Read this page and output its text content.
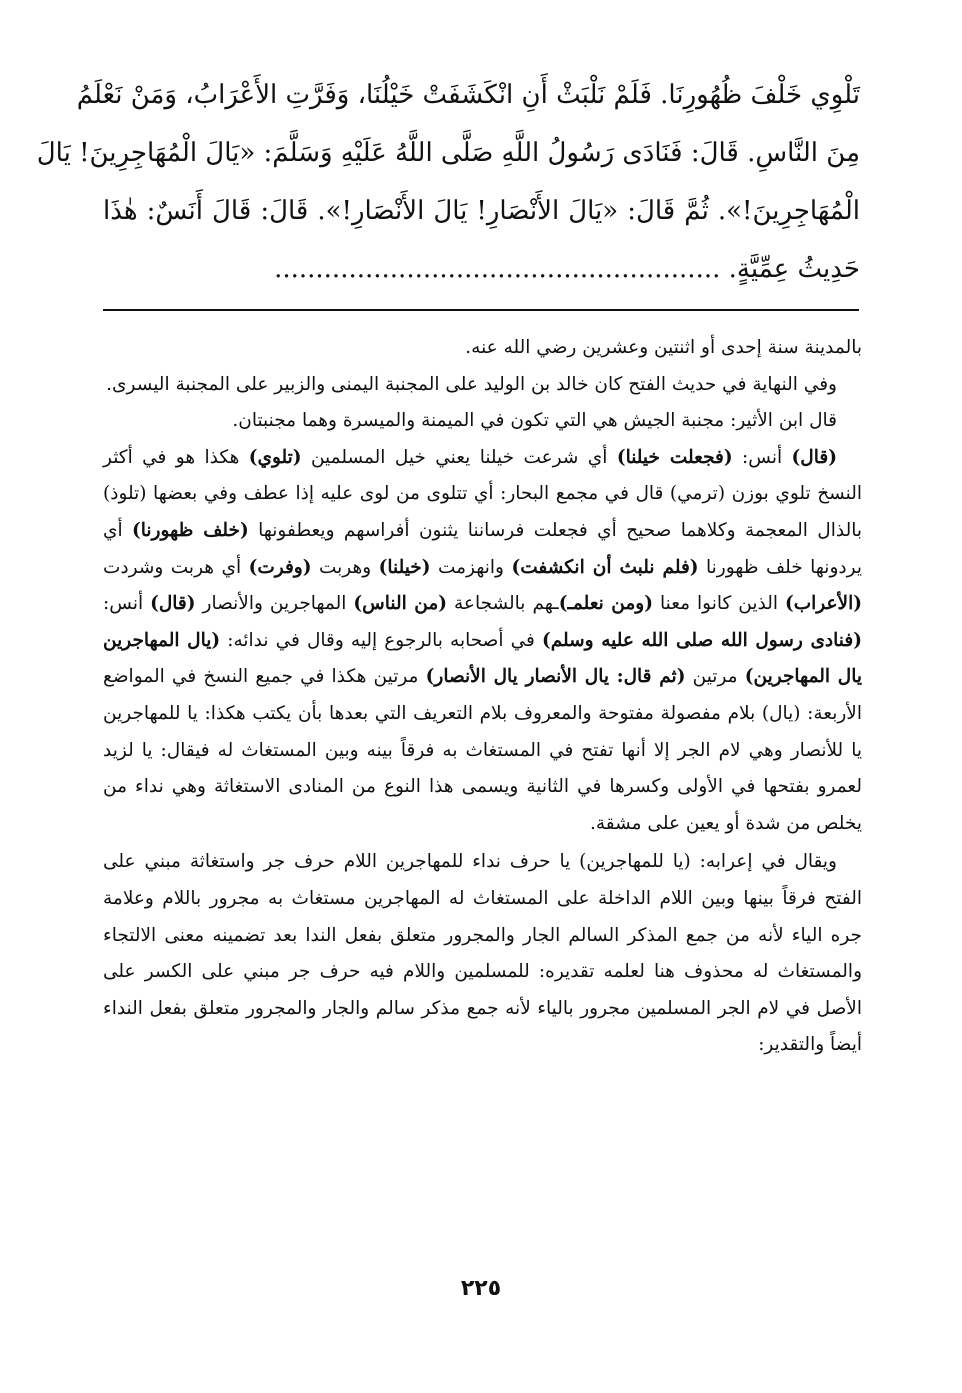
تَلْوِي خَلْفَ ظُهُورِنَا. فَلَمْ نَلْبَثْ أَنِ انْكَشَفَتْ خَيْلُنَا، وَفَرَّتِ الأَعْرَابُ، وَمَنْ نَعْلَمُ
مِنَ النَّاسِ. قَالَ: فَنَادَى رَسُولُ اللَّهِ صَلَّى اللَّهُ عَلَيْهِ وَسَلَّمَ: «يَالَ الْمُهَاجِرِينَ! يَالَ
الْمُهَاجِرِينَ!». ثُمَّ قَالَ: «يَالَ الأَنْصَارِ! يَالَ الأَنْصَارِ!». قَالَ: قَالَ أَنَسٌ: هٰذَا
حَدِيثُ عِمِّيَّةٍ. ......................................................

بالمدينة سنة إحدى أو اثنتين وعشرين رضي الله عنه.

وفي النهاية في حديث الفتح كان خالد بن الوليد على المجنبة اليمنى والزبير على المجنبة اليسرى.

قال ابن الأثير: مجنبة الجيش هي التي تكون في الميمنة والميسرة وهما مجنبتان.

(قال) أنس: (فجعلت خيلنا) أي شرعت خيلنا يعني خيل المسلمين (تلوي) هكذا هو في أكثر النسخ تلوي بوزن (ترمي) قال في مجمع البحار: أي تتلوى من لوى عليه إذا عطف وفي بعضها (تلوذ) بالذال المعجمة وكلاهما صحيح أي فجعلت فرساننا يثنون أفراسهم ويعطفونها (خلف ظهورنا) أي يردونها خلف ظهورنا (فلم نلبث أن انكشفت) وانهزمت (خيلنا) وهربت (وفرت) أي هربت وشردت (الأعراب) الذين كانوا معنا (ومن نعلمـ)ـهم بالشجاعة (من الناس) المهاجرين والأنصار (قال) أنس: (فنادى رسول الله صلى الله عليه وسلم) في أصحابه بالرجوع إليه وقال في ندائه: (يال المهاجرين يال المهاجرين) مرتين (ثم قال: يال الأنصار يال الأنصار) مرتين هكذا في جميع النسخ في المواضع الأربعة: (يال) بلام مفصولة مفتوحة والمعروف بلام التعريف التي بعدها بأن يكتب هكذا: يا للمهاجرين يا للأنصار وهي لام الجر إلا أنها تفتح في المستغاث به فرقاً بينه وبين المستغاث له فيقال: يا لزيد لعمرو بفتحها في الأولى وكسرها في الثانية ويسمى هذا النوع من المنادى الاستغاثة وهي نداء من يخلص من شدة أو يعين على مشقة.

ويقال في إعرابه: (يا للمهاجرين) يا حرف نداء للمهاجرين اللام حرف جر واستغاثة مبني على الفتح فرقاً بينها وبين اللام الداخلة على المستغاث له المهاجرين مستغاث به مجرور باللام وعلامة جره الياء لأنه من جمع المذكر السالم الجار والمجرور متعلق بفعل الندا بعد تضمينه معنى الالتجاء والمستغاث له محذوف هنا لعلمه تقديره: للمسلمين واللام فيه حرف جر مبني على الكسر على الأصل في لام الجر المسلمين مجرور بالياء لأنه جمع مذكر سالم والجار والمجرور متعلق بفعل النداء أيضاً والتقدير:

٢٢٥
